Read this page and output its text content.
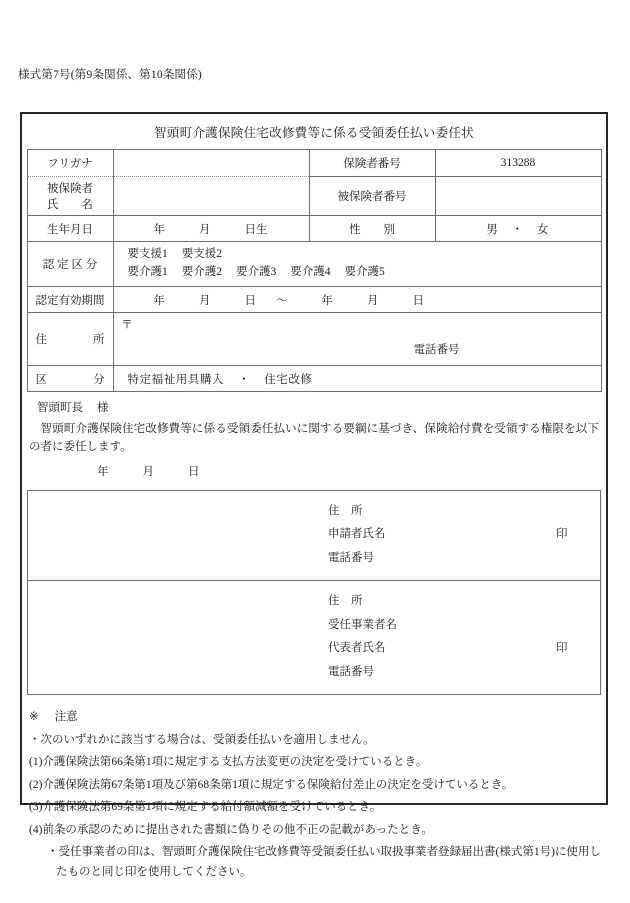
様式第7号(第9条関係、第10条関係)
智頭町介護保険住宅改修費等に係る受領委任払い委任状
フリガナ		保険者番号	313288

被保険者
氏　　名		被保険者番号	

生年月日	年 月 日生	性　　別	男　・　女
認 定 区 分	要支援1 要支援2
要介護1 要介護2 要介護3 要介護4 要介護5		

認定有効期間	年 月 日 ～ 年 月 日		

住　　　　所	〒
電話番号		

区　　　　分	特定福祉用具購入 ・ 住宅改修		
智頭町長 様
智頭町介護保険住宅改修費等に係る受領委任払いに関する要綱に基づき、保険給付費を受領する権限を以下の者に委任します。
年	月	日
住　所
申請者氏名	印
電話番号

住　所
受任事業者名
代表者氏名	印
電話番号
※ 注意
・次のいずれかに該当する場合は、受領委任払いを適用しません。
(1)介護保険法第66条第1項に規定する支払方法変更の決定を受けているとき。
(2)介護保険法第67条第1項及び第68条第1項に規定する保険給付差止の決定を受けているとき。
(3)介護保険法第69条第1項に規定する給付額減額を受けているとき。
(4)前条の承認のために提出された書類に偽りその他不正の記載があったとき。
・受任事業者の印は、智頭町介護保険住宅改修費等受領委任払い取扱事業者登録届出書(様式第1号)に使用し
たものと同じ印を使用してください。
